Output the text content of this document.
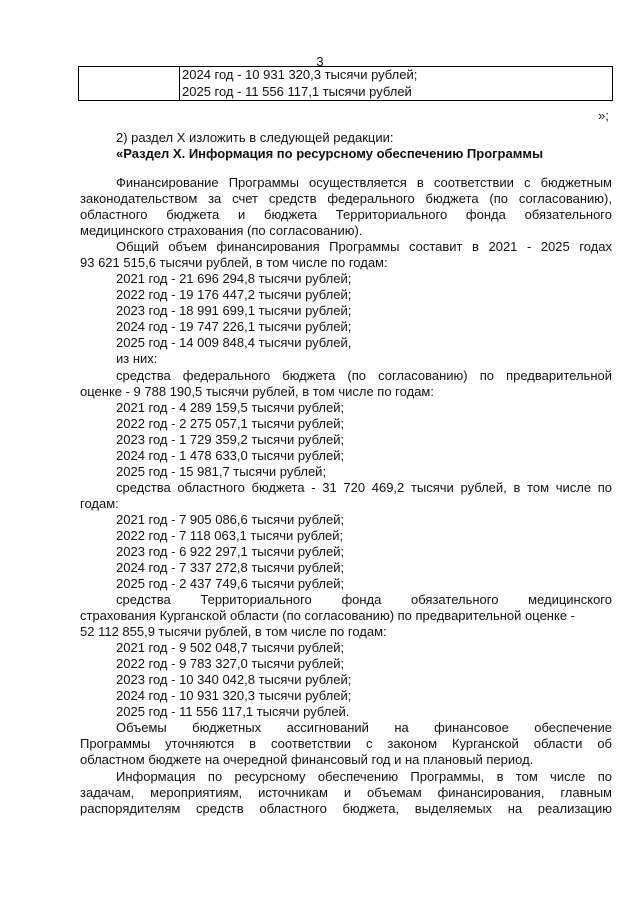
3

2024 год - 10 931 320,3 тысячи рублей;
2025 год - 11 556 117,1 тысячи рублей
»;
2) раздел X изложить в следующей редакции:
«Раздел X. Информация по ресурсному обеспечению Программы
Финансирование Программы осуществляется в соответствии с бюджетным
законодательством за счет средств федерального бюджета (по согласованию),
областного бюджета и бюджета Территориального фонда обязательного
медицинского страхования (по согласованию).
Общий объем финансирования Программы составит в 2021 - 2025 годах
93 621 515,6 тысячи рублей, в том числе по годам:
2021 год - 21 696 294,8 тысячи рублей;
2022 год - 19 176 447,2 тысячи рублей;
2023 год - 18 991 699,1 тысячи рублей;
2024 год - 19 747 226,1 тысячи рублей;
2025 год - 14 009 848,4 тысячи рублей,
из них:
средства федерального бюджета (по согласованию) по предварительной
оценке - 9 788 190,5 тысячи рублей, в том числе по годам:
2021 год - 4 289 159,5 тысячи рублей;
2022 год - 2 275 057,1 тысячи рублей;
2023 год - 1 729 359,2 тысячи рублей;
2024 год - 1 478 633,0 тысячи рублей;
2025 год - 15 981,7 тысячи рублей;
средства областного бюджета - 31 720 469,2 тысячи рублей, в том числе по
годам:
2021 год - 7 905 086,6 тысячи рублей;
2022 год - 7 118 063,1 тысячи рублей;
2023 год - 6 922 297,1 тысячи рублей;
2024 год - 7 337 272,8 тысячи рублей;
2025 год - 2 437 749,6 тысячи рублей;
средства Территориального фонда обязательного медицинского
страхования Курганской области (по согласованию) по предварительной оценке -
52 112 855,9 тысячи рублей, в том числе по годам:
2021 год - 9 502 048,7 тысячи рублей;
2022 год - 9 783 327,0 тысячи рублей;
2023 год - 10 340 042,8 тысячи рублей;
2024 год - 10 931 320,3 тысячи рублей;
2025 год - 11 556 117,1 тысячи рублей.
Объемы бюджетных ассигнований на финансовое обеспечение
Программы уточняются в соответствии с законом Курганской области об
областном бюджете на очередной финансовый год и на плановый период.
Информация по ресурсному обеспечению Программы, в том числе по
задачам, мероприятиям, источникам и объемам финансирования, главным
распорядителям средств областного бюджета, выделяемых на реализацию
